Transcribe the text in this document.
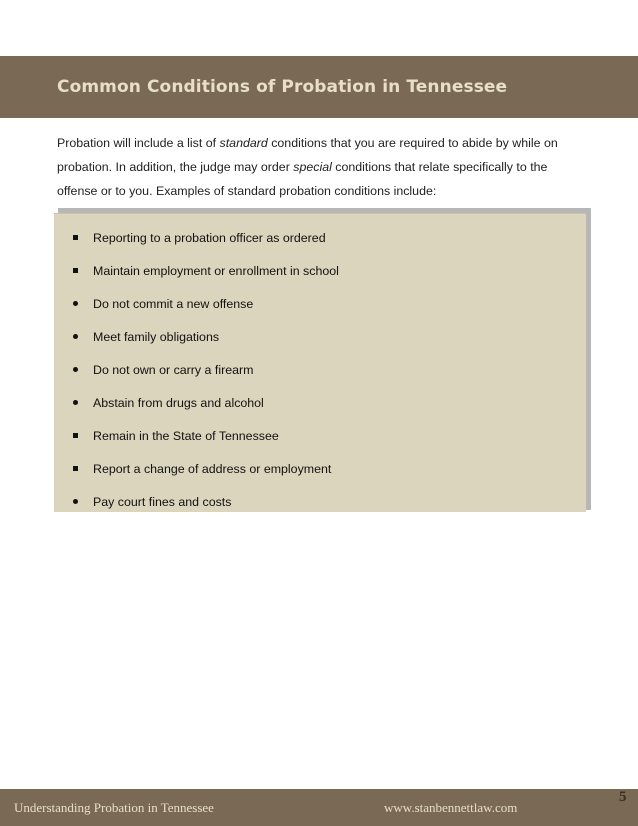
Common Conditions of Probation in Tennessee

Probation will include a list of standard conditions that you are required to abide by while on probation. In addition, the judge may order special conditions that relate specifically to the offense or to you. Examples of standard probation conditions include:

Reporting to a probation officer as ordered
Maintain employment or enrollment in school
Do not commit a new offense
Meet family obligations
Do not own or carry a firearm
Abstain from drugs and alcohol
Remain in the State of Tennessee
Report a change of address or employment
Pay court fines and costs
Understanding Probation in Tennessee	www.stanbennettlaw.com
5
